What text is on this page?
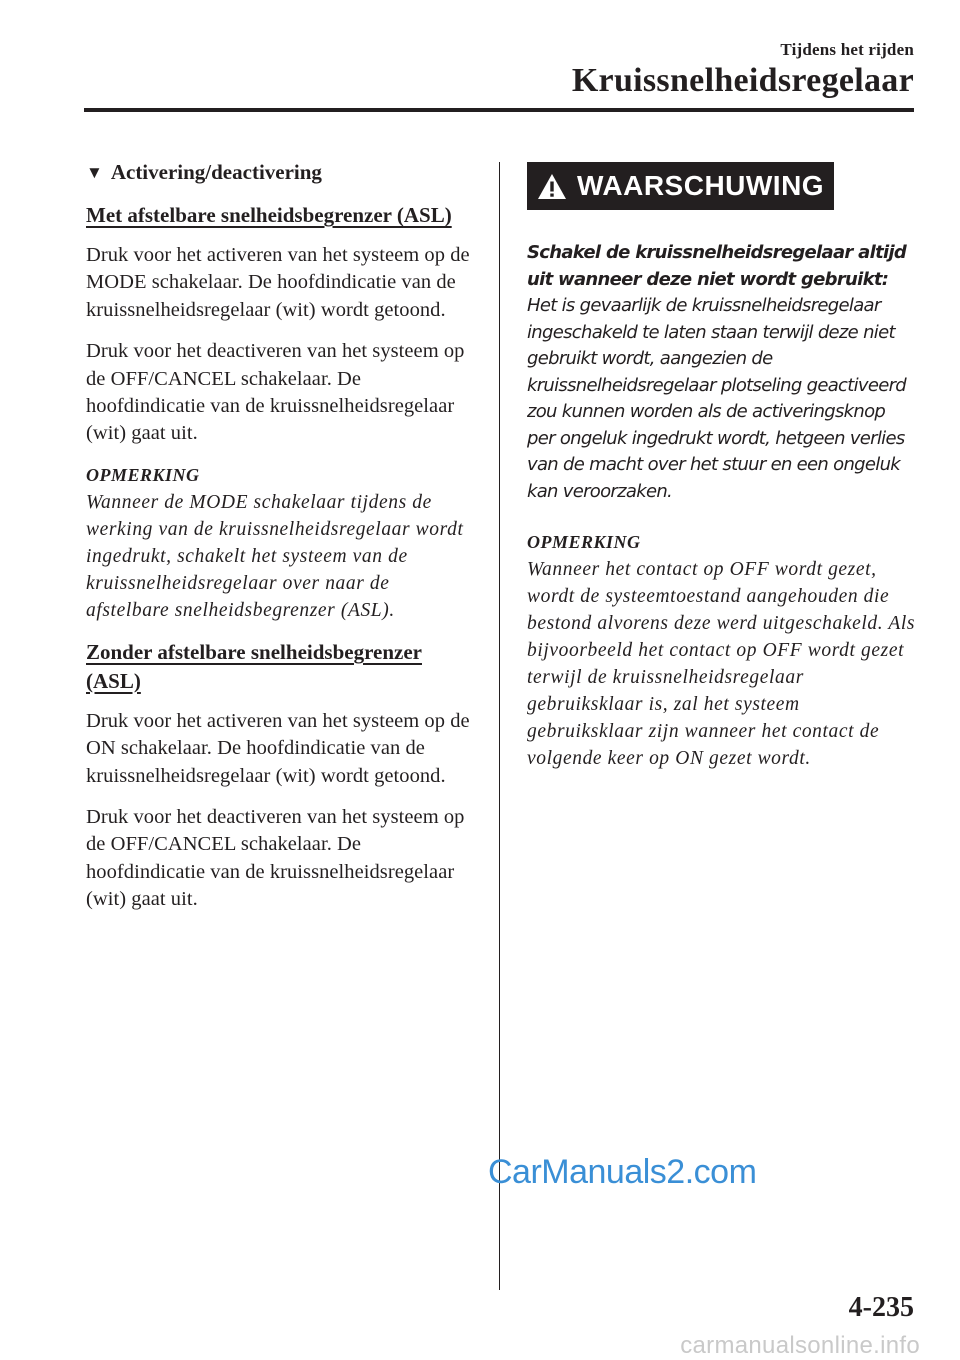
Tijdens het rijden
Kruissnelheidsregelaar
▼ Activering/deactivering
Met afstelbare snelheidsbegrenzer (ASL)

Druk voor het activeren van het systeem op de MODE schakelaar. De hoofdindicatie van de kruissnelheidsregelaar (wit) wordt getoond.

Druk voor het deactiveren van het systeem op de OFF/CANCEL schakelaar. De hoofdindicatie van de kruissnelheidsregelaar (wit) gaat uit.

OPMERKING

Wanneer de MODE schakelaar tijdens de werking van de kruissnelheidsregelaar wordt ingedrukt, schakelt het systeem van de kruissnelheidsregelaar over naar de afstelbare snelheidsbegrenzer (ASL).

Zonder afstelbare snelheidsbegrenzer (ASL)

Druk voor het activeren van het systeem op de ON schakelaar. De hoofdindicatie van de kruissnelheidsregelaar (wit) wordt getoond.

Druk voor het deactiveren van het systeem op de OFF/CANCEL schakelaar. De hoofdindicatie van de kruissnelheidsregelaar (wit) gaat uit.

WAARSCHUWING
Schakel de kruissnelheidsregelaar altijd uit wanneer deze niet wordt gebruikt:
Het is gevaarlijk de kruissnelheidsregelaar ingeschakeld te laten staan terwijl deze niet gebruikt wordt, aangezien de kruissnelheidsregelaar plotseling geactiveerd zou kunnen worden als de activeringsknop per ongeluk ingedrukt wordt, hetgeen verlies van de macht over het stuur en een ongeluk kan veroorzaken.
OPMERKING

Wanneer het contact op OFF wordt gezet, wordt de systeemtoestand aangehouden die bestond alvorens deze werd uitgeschakeld. Als bijvoorbeeld het contact op OFF wordt gezet terwijl de kruissnelheidsregelaar gebruiksklaar is, zal het systeem gebruiksklaar zijn wanneer het contact de volgende keer op ON gezet wordt.

CarManuals2.com
4-235
carmanualsonline.info
